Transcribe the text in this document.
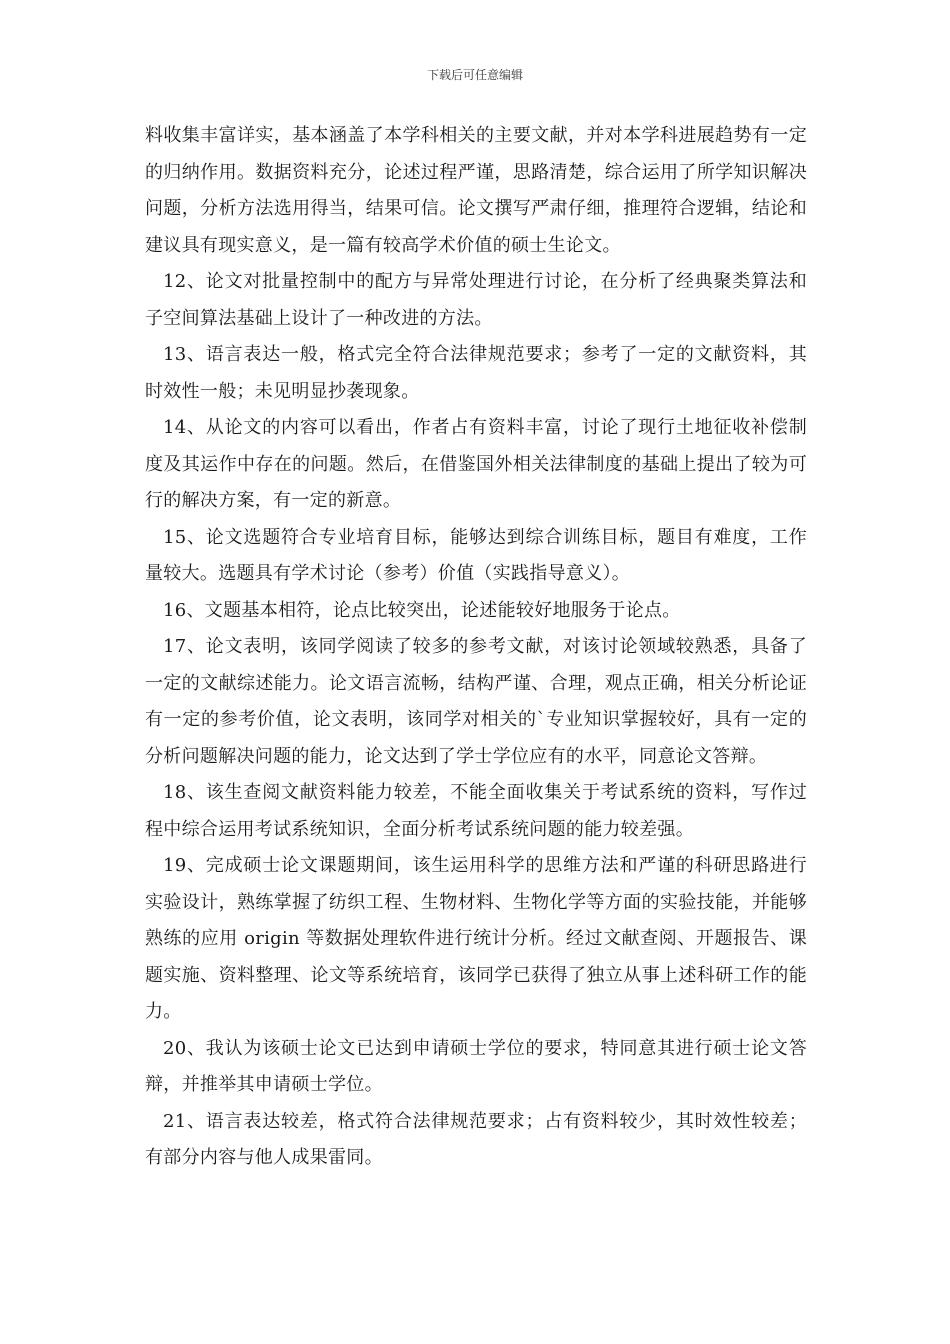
下载后可任意编辑

料收集丰富详实，基本涵盖了本学科相关的主要文献，并对本学科进展趋势有一定的归纳作用。数据资料充分，论述过程严谨，思路清楚，综合运用了所学知识解决问题，分析方法选用得当，结果可信。论文撰写严肃仔细，推理符合逻辑，结论和建议具有现实意义，是一篇有较高学术价值的硕士生论文。

12、论文对批量控制中的配方与异常处理进行讨论，在分析了经典聚类算法和子空间算法基础上设计了一种改进的方法。

13、语言表达一般，格式完全符合法律规范要求；参考了一定的文献资料，其时效性一般；未见明显抄袭现象。

14、从论文的内容可以看出，作者占有资料丰富，讨论了现行土地征收补偿制度及其运作中存在的问题。然后，在借鉴国外相关法律制度的基础上提出了较为可行的解决方案，有一定的新意。

15、论文选题符合专业培育目标，能够达到综合训练目标，题目有难度，工作量较大。选题具有学术讨论（参考）价值（实践指导意义）。

16、文题基本相符，论点比较突出，论述能较好地服务于论点。

17、论文表明，该同学阅读了较多的参考文献，对该讨论领域较熟悉，具备了一定的文献综述能力。论文语言流畅，结构严谨、合理，观点正确，相关分析论证有一定的参考价值，论文表明，该同学对相关的`专业知识掌握较好，具有一定的分析问题解决问题的能力，论文达到了学士学位应有的水平，同意论文答辩。

18、该生查阅文献资料能力较差，不能全面收集关于考试系统的资料，写作过程中综合运用考试系统知识，全面分析考试系统问题的能力较差强。

19、完成硕士论文课题期间，该生运用科学的思维方法和严谨的科研思路进行实验设计，熟练掌握了纺织工程、生物材料、生物化学等方面的实验技能，并能够熟练的应用 origin 等数据处理软件进行统计分析。经过文献查阅、开题报告、课题实施、资料整理、论文等系统培育，该同学已获得了独立从事上述科研工作的能力。

20、我认为该硕士论文已达到申请硕士学位的要求，特同意其进行硕士论文答辩，并推举其申请硕士学位。

21、语言表达较差，格式符合法律规范要求；占有资料较少，其时效性较差；有部分内容与他人成果雷同。
